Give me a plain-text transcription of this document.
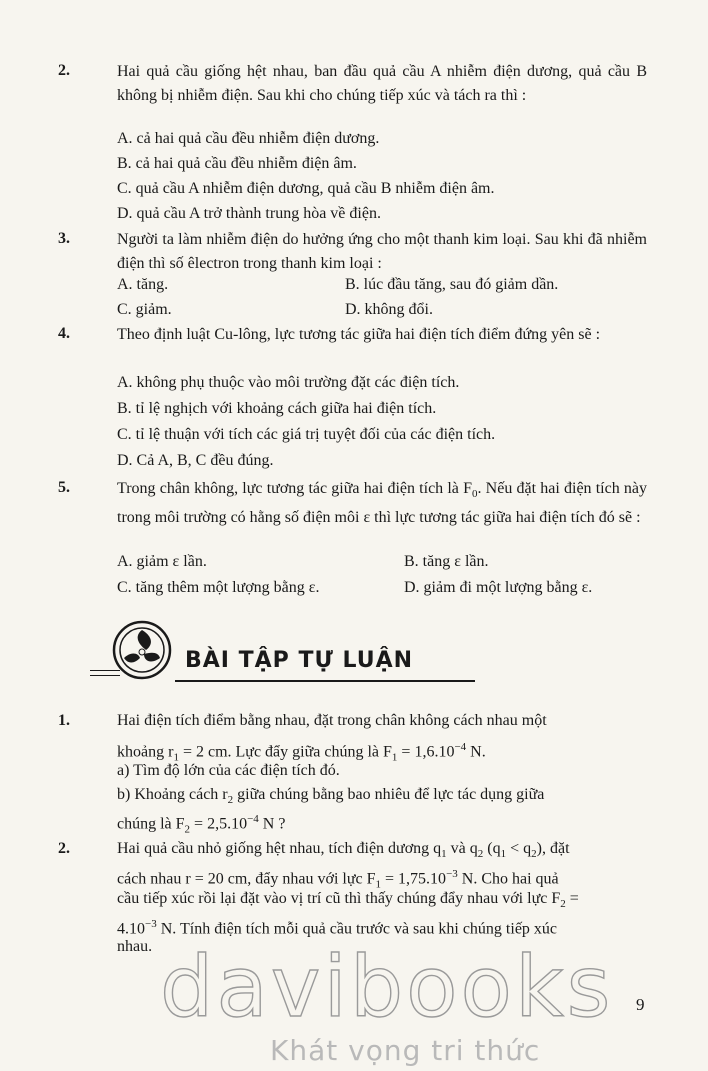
2.	Hai quả cầu giống hệt nhau, ban đầu quả cầu A nhiễm điện dương, quả cầu B không bị nhiễm điện. Sau khi cho chúng tiếp xúc và tách ra thì :
A. cả hai quả cầu đều nhiễm điện dương.
B. cả hai quả cầu đều nhiễm điện âm.
C. quả cầu A nhiễm điện dương, quả cầu B nhiễm điện âm.
D. quả cầu A trở thành trung hòa về điện.
3.	Người ta làm nhiễm điện do hưởng ứng cho một thanh kim loại. Sau khi đã nhiễm điện thì số êlectron trong thanh kim loại :
A. tăng.	B. lúc đầu tăng, sau đó giảm dần.
C. giảm.	D. không đổi.
4.	Theo định luật Cu-lông, lực tương tác giữa hai điện tích điểm đứng yên sẽ :
A. không phụ thuộc vào môi trường đặt các điện tích.
B. tỉ lệ nghịch với khoảng cách giữa hai điện tích.
C. tỉ lệ thuận với tích các giá trị tuyệt đối của các điện tích.
D. Cả A, B, C đều đúng.
5.	Trong chân không, lực tương tác giữa hai điện tích là $F_0$. Nếu đặt hai điện tích này trong môi trường có hằng số điện môi ε thì lực tương tác giữa hai điện tích đó sẽ :
A. giảm ε lần.	B. tăng ε lần.
C. tăng thêm một lượng bằng ε.	D. giảm đi một lượng bằng ε.
BÀI TẬP TỰ LUẬN
1.	Hai điện tích điểm bằng nhau, đặt trong chân không cách nhau một
khoảng $r_1 = 2$ cm. Lực đẩy giữa chúng là $F_1 = 1,6.10^{-4}$ N.
a) Tìm độ lớn của các điện tích đó.
b) Khoảng cách $r_2$ giữa chúng bằng bao nhiêu để lực tác dụng giữa
chúng là $F_2 = 2,5.10^{-4}$ N ?
2.	Hai quả cầu nhỏ giống hệt nhau, tích điện dương $q_1$ và $q_2$ $(q_1 < q_2)$, đặt
cách nhau r = 20 cm, đẩy nhau với lực $F_1 = 1,75.10^{-3}$ N. Cho hai quả
cầu tiếp xúc rồi lại đặt vào vị trí cũ thì thấy chúng đẩy nhau với lực $F_2$ =
$4.10^{-3}$ N. Tính điện tích mỗi quả cầu trước và sau khi chúng tiếp xúc
nhau.
9
davibooks
Khát vọng tri thức
